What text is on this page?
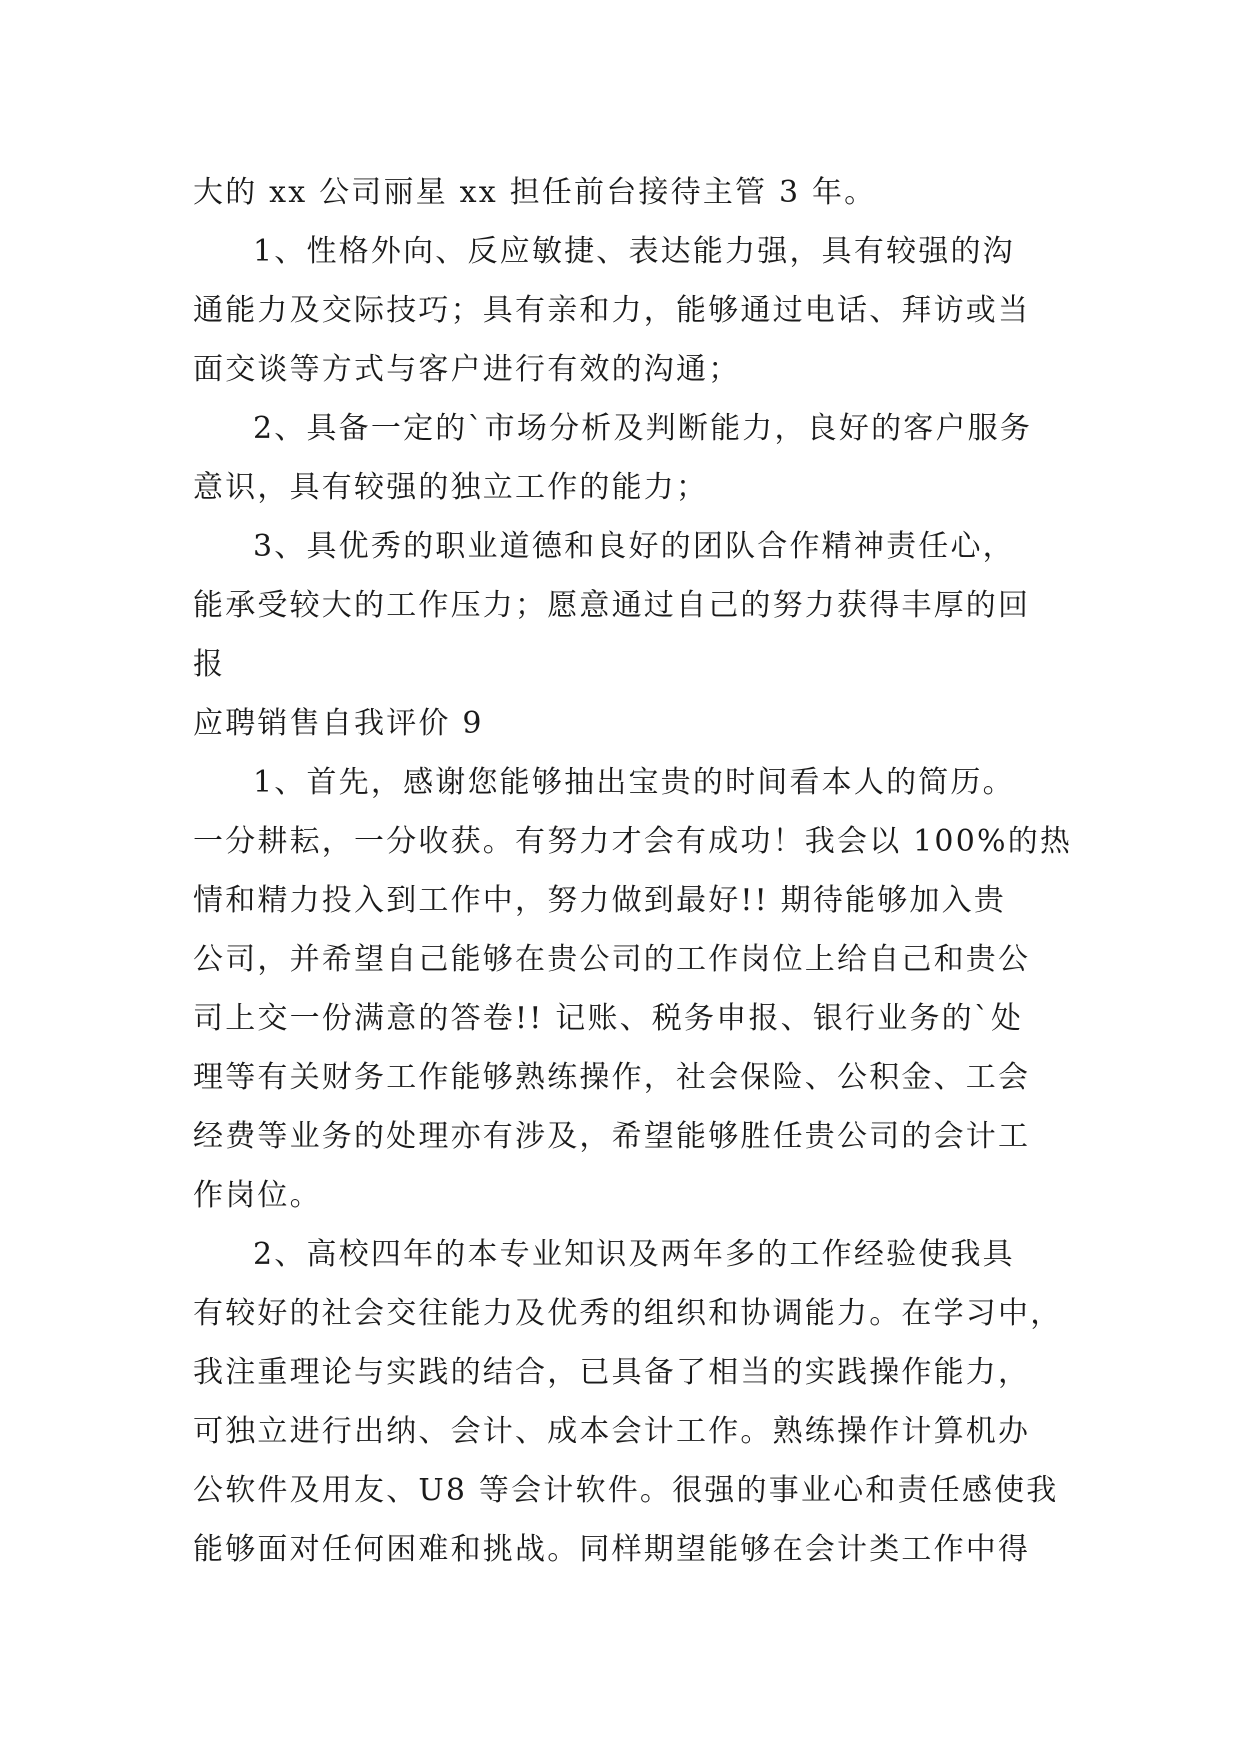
大的 xx 公司丽星 xx 担任前台接待主管 3 年。
1、性格外向、反应敏捷、表达能力强，具有较强的沟
通能力及交际技巧；具有亲和力，能够通过电话、拜访或当
面交谈等方式与客户进行有效的沟通；
2、具备一定的`市场分析及判断能力，良好的客户服务
意识，具有较强的独立工作的能力；
3、具优秀的职业道德和良好的团队合作精神责任心，
能承受较大的工作压力；愿意通过自己的努力获得丰厚的回
报
应聘销售自我评价 9
1、首先，感谢您能够抽出宝贵的时间看本人的简历。
一分耕耘，一分收获。有努力才会有成功！我会以 100%的热
情和精力投入到工作中，努力做到最好!! 期待能够加入贵
公司，并希望自己能够在贵公司的工作岗位上给自己和贵公
司上交一份满意的答卷!! 记账、税务申报、银行业务的`处
理等有关财务工作能够熟练操作，社会保险、公积金、工会
经费等业务的处理亦有涉及，希望能够胜任贵公司的会计工
作岗位。
2、高校四年的本专业知识及两年多的工作经验使我具
有较好的社会交往能力及优秀的组织和协调能力。在学习中，
我注重理论与实践的结合，已具备了相当的实践操作能力，
可独立进行出纳、会计、成本会计工作。熟练操作计算机办
公软件及用友、U8 等会计软件。很强的事业心和责任感使我
能够面对任何困难和挑战。同样期望能够在会计类工作中得
